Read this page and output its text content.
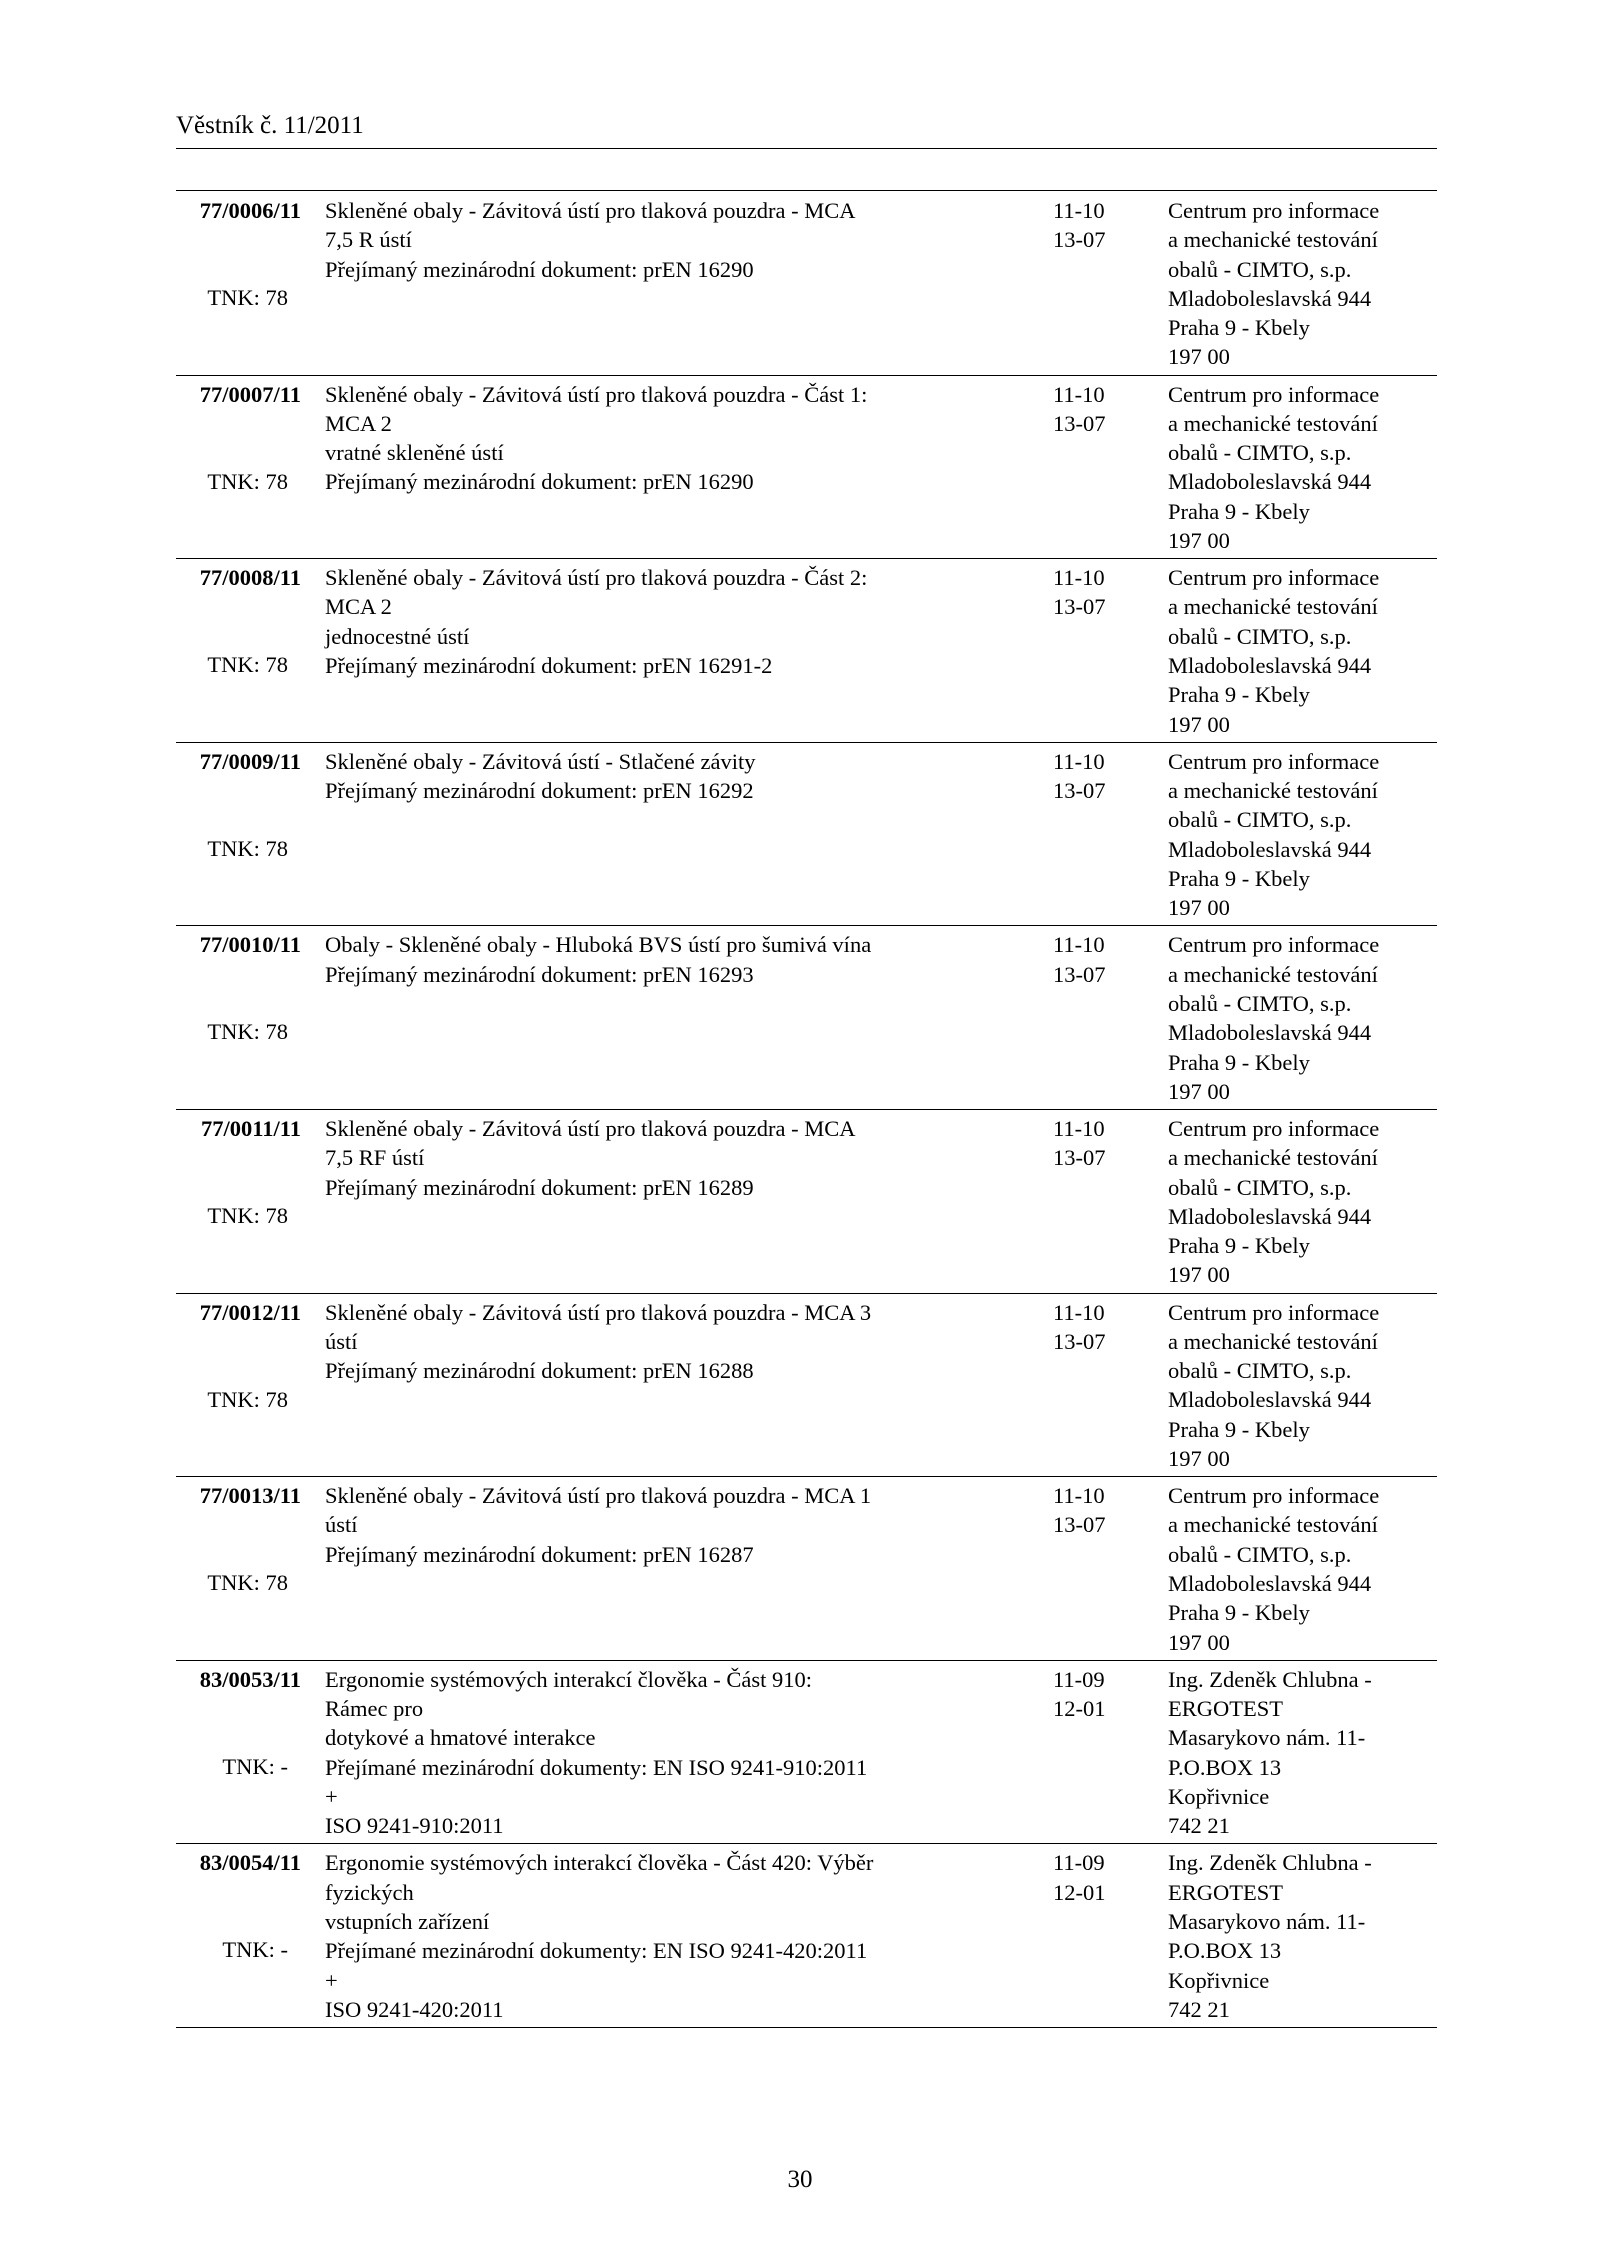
Věstník č. 11/2011
77/0006/11
TNK: 78
Skleněné obaly - Závitová ústí pro tlaková pouzdra - MCA 7,5 R ústí
Přejímaný mezinárodní dokument: prEN 16290
11-10
13-07
Centrum pro informace
a mechanické testování
obalů - CIMTO, s.p.
Mladoboleslavská 944
Praha 9 - Kbely
197 00
77/0007/11
TNK: 78
Skleněné obaly - Závitová ústí pro tlaková pouzdra - Část 1: MCA 2
vratné skleněné ústí
Přejímaný mezinárodní dokument: prEN 16290
11-10
13-07
Centrum pro informace
a mechanické testování
obalů - CIMTO, s.p.
Mladoboleslavská 944
Praha 9 - Kbely
197 00
77/0008/11
TNK: 78
Skleněné obaly - Závitová ústí pro tlaková pouzdra - Část 2: MCA 2
jednocestné ústí
Přejímaný mezinárodní dokument: prEN 16291-2
11-10
13-07
Centrum pro informace
a mechanické testování
obalů - CIMTO, s.p.
Mladoboleslavská 944
Praha 9 - Kbely
197 00
77/0009/11
TNK: 78
Skleněné obaly - Závitová ústí - Stlačené závity
Přejímaný mezinárodní dokument: prEN 16292
11-10
13-07
Centrum pro informace
a mechanické testování
obalů - CIMTO, s.p.
Mladoboleslavská 944
Praha 9 - Kbely
197 00
77/0010/11
TNK: 78
Obaly - Skleněné obaly - Hluboká BVS ústí pro šumivá vína
Přejímaný mezinárodní dokument: prEN 16293
11-10
13-07
Centrum pro informace
a mechanické testování
obalů - CIMTO, s.p.
Mladoboleslavská 944
Praha 9 - Kbely
197 00
77/0011/11
TNK: 78
Skleněné obaly - Závitová ústí pro tlaková pouzdra - MCA 7,5 RF ústí
Přejímaný mezinárodní dokument: prEN 16289
11-10
13-07
Centrum pro informace
a mechanické testování
obalů - CIMTO, s.p.
Mladoboleslavská 944
Praha 9 - Kbely
197 00
77/0012/11
TNK: 78
Skleněné obaly - Závitová ústí pro tlaková pouzdra - MCA 3 ústí
Přejímaný mezinárodní dokument: prEN 16288
11-10
13-07
Centrum pro informace
a mechanické testování
obalů - CIMTO, s.p.
Mladoboleslavská 944
Praha 9 - Kbely
197 00
77/0013/11
TNK: 78
Skleněné obaly - Závitová ústí pro tlaková pouzdra - MCA 1 ústí
Přejímaný mezinárodní dokument: prEN 16287
11-10
13-07
Centrum pro informace
a mechanické testování
obalů - CIMTO, s.p.
Mladoboleslavská 944
Praha 9 - Kbely
197 00
83/0053/11
TNK: -
Ergonomie systémových interakcí člověka - Část 910: Rámec pro
dotykové a hmatové interakce
Přejímané mezinárodní dokumenty: EN ISO 9241-910:2011 +
ISO 9241-910:2011
11-09
12-01
Ing. Zdeněk Chlubna -
ERGOTEST
Masarykovo nám. 11-
P.O.BOX 13
Kopřivnice
742 21
83/0054/11
TNK: -
Ergonomie systémových interakcí člověka - Část 420: Výběr fyzických
vstupních zařízení
Přejímané mezinárodní dokumenty: EN ISO 9241-420:2011 +
ISO 9241-420:2011
11-09
12-01
Ing. Zdeněk Chlubna -
ERGOTEST
Masarykovo nám. 11-
P.O.BOX 13
Kopřivnice
742 21
30
